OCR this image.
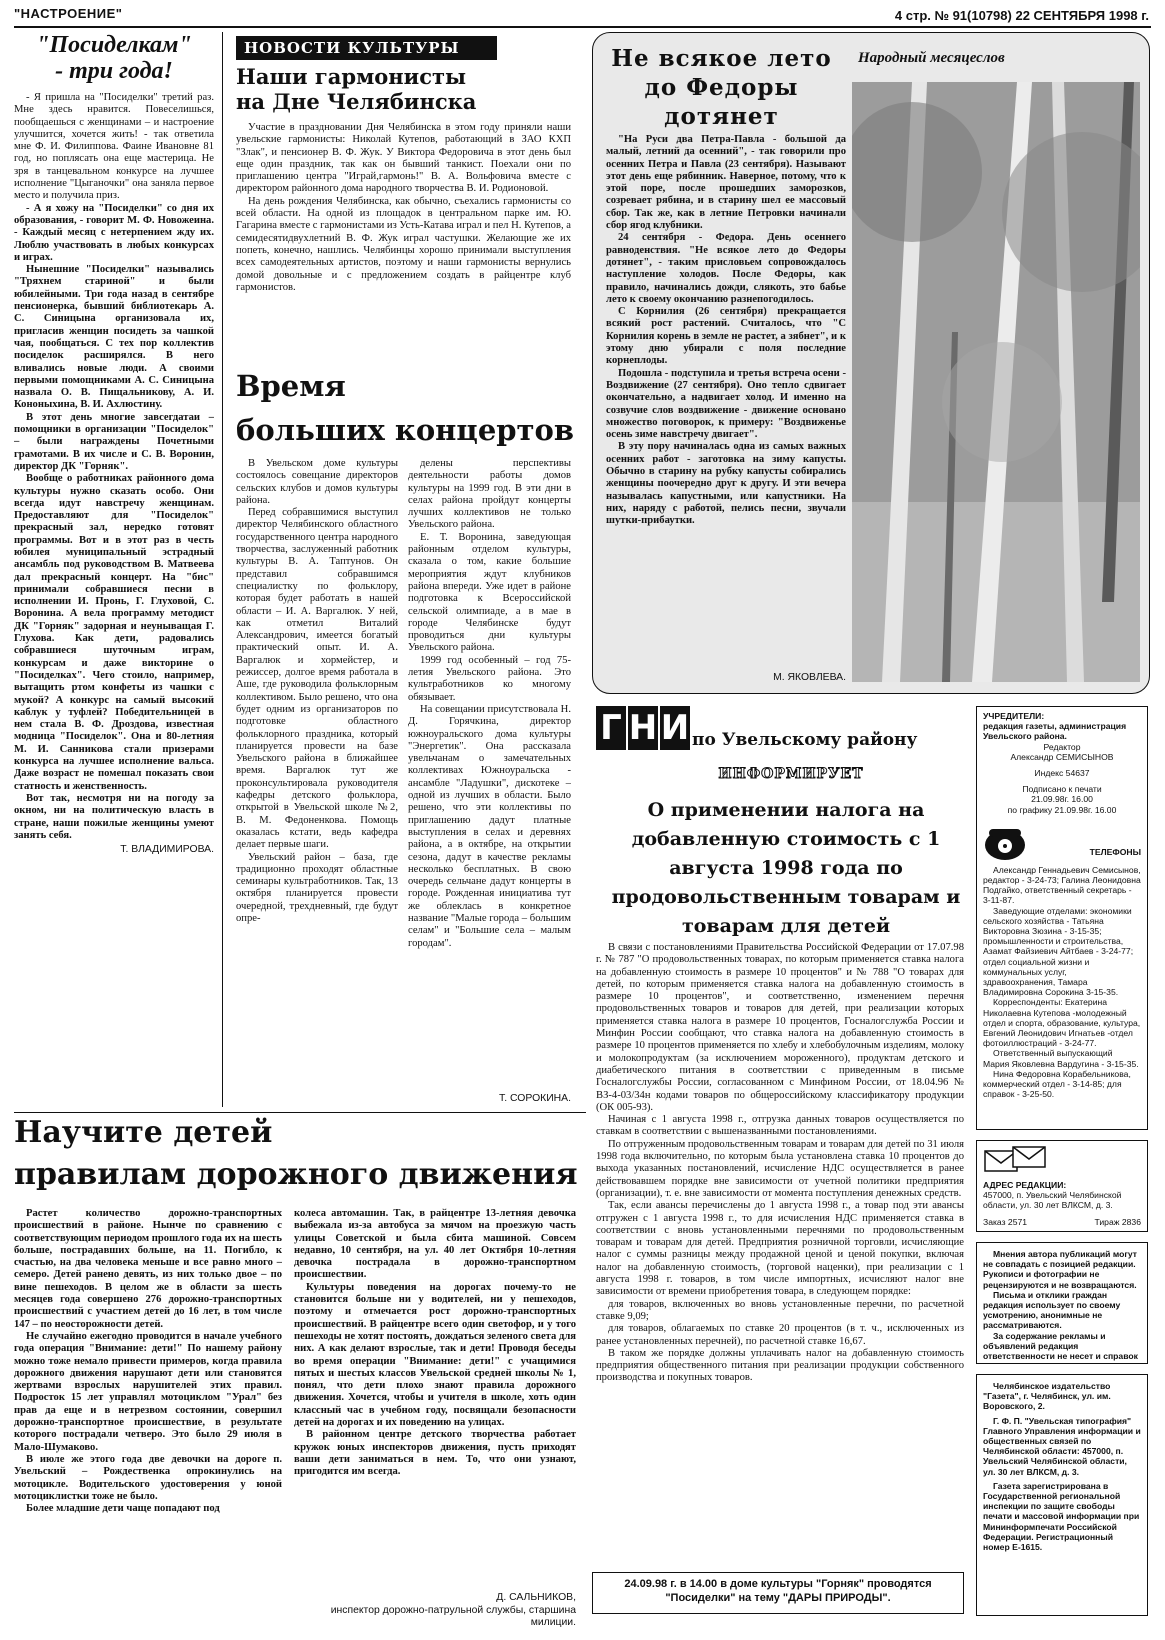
"НАСТРОЕНИЕ"	4 стр. № 91(10798) 22 СЕНТЯБРЯ 1998 г.
"Посиделкам"
- три года!

- Я пришла на "Посиделки" третий раз. Мне здесь нравится. Повеселишься, пообщаешься с женщинами – и настроение улучшится, хочется жить! - так ответила мне Ф. И. Филиппова. Фаине Ивановне 81 год, но поплясать она еще мастерица. Не зря в танцевальном конкурсе на лучшее исполнение "Цыганочки" она заняла первое место и получила приз.

- А я хожу на "Посиделки" со дня их образования, - говорит М. Ф. Новожеина. - Каждый месяц с нетерпением жду их. Люблю участвовать в любых конкурсах и играх.

Нынешние "Посиделки" назывались "Тряхнем стариной" и были юбилейными. Три года назад в сентябре пенсионерка, бывший библиотекарь А. С. Синицына организовала их, пригласив женщин посидеть за чашкой чая, пообщаться. С тех пор коллектив посиделок расширялся. В него вливались новые люди. А своими первыми помощниками А. С. Синицына назвала О. В. Пищальникову, А. И. Кононыхина, В. И. Ахлюстину.

В этот день многие завсегдатаи – помощники в организации "Посиделок" – были награждены Почетными грамотами. В их числе и С. В. Воронин, директор ДК "Горняк".

Вообще о работниках районного дома культуры нужно сказать особо. Они всегда идут навстречу женщинам. Предоставляют для "Посиделок" прекрасный зал, нередко готовят программы. Вот и в этот раз в честь юбилея муниципальный эстрадный ансамбль под руководством В. Матвеева дал прекрасный концерт. На "бис" принимали собравшиеся песни в исполнении И. Пронь, Г. Глуховой, С. Воронина. А вела программу методист ДК "Горняк" задорная и неуныващая Г. Глухова. Как дети, радовались собравшиеся шуточным играм, конкурсам и даже викторине о "Посиделках". Чего стоило, например, вытащить ртом конфеты из чашки с мукой? А конкурс на самый высокий каблук у туфлей? Победительницей в нем стала В. Ф. Дроздова, известная модница "Посиделок". Она и 80-летняя М. И. Санникова стали призерами конкурса на лучшее исполнение вальса. Даже возраст не помешал показать свои статность и женственность.

Вот так, несмотря ни на погоду за окном, ни на политическую власть в стране, наши пожилые женщины умеют занять себя.

Т. ВЛАДИМИРОВА.
НОВОСТИ КУЛЬТУРЫ
Наши гармонисты на Дне Челябинска

Участие в праздновании Дня Челябинска в этом году приняли наши увельские гармонисты: Николай Кутепов, работающий в ЗАО КХП "Злак", и пенсионер В. Ф. Жук. У Виктора Федоровича в этот день был еще один праздник, так как он бывший танкист. Поехали они по приглашению центра "Играй,гармонь!" В. А. Вольфовича вместе с директором районного дома народного творчества В. И. Родионовой.

На день рождения Челябинска, как обычно, съехались гармонисты со всей области. На одной из площадок в центральном парке им. Ю. Гагарина вместе с гармонистами из Усть-Катава играл и пел Н. Кутепов, а семидесятидвухлетний В. Ф. Жук играл частушки. Желающие же их попеть, конечно, нашлись. Челябинцы хорошо принимали выступления всех самодеятельных артистов, поэтому и наши гармонисты вернулись домой довольные и с предложением создать в райцентре клуб гармонистов.

Время
больших концертов

В Увельском доме культуры состоялось совещание директоров сельских клубов и домов культуры района.

Перед собравшимися выступил директор Челябинского областного государственного центра народного творчества, заслуженный работник культуры В. А. Таптунов. Он представил собравшимся специалистку по фольклору, которая будет работать в нашей области – И. А. Варгалюк. У ней, как отметил Виталий Александрович, имеется богатый практический опыт. И. А. Варгалюк и хормейстер, и режиссер, долгое время работала в Аше, где руководила фольклорным коллективом. Было решено, что она будет одним из организаторов по подготовке областного фольклорного праздника, который планируется провести на базе Увельского района в ближайшее время. Варгалюк тут же проконсультировала руководителя кафедры детского фольклора, открытой в Увельской школе №2, В. М. Федоненкова. Помощь оказалась кстати, ведь кафедра делает первые шаги.

Увельский район – база, где традиционно проходят областные семинары культработников. Так, 13 октября планируется провести очередной, трехдневный, где будут опре-

делены перспективы деятельности работы домов культуры на 1999 год. В эти дни в селах района пройдут концерты лучших коллективов не только Увельского района.

Е. Т. Воронина, заведующая районным отделом культуры, сказала о том, какие большие мероприятия ждут клубников района впереди. Уже идет в районе подготовка к Всероссийской сельской олимпиаде, а в мае в городе Челябинске будут проводиться дни культуры Увельского района.

1999 год особенный – год 75-летия Увельского района. Это культработников ко многому обязывает.

На совещании присутствовала Н. Д. Горячкина, директор южноуральского дома культуры "Энергетик". Она рассказала увельчанам о замечательных коллективах Южноуральска - ансамбле "Ладушки", дискотеке – одной из лучших в области. Было решено, что эти коллективы по приглашению дадут платные выступления в селах и деревнях района, а в октябре, на открытии сезона, дадут в качестве рекламы несколько бесплатных. В свою очередь сельчане дадут концерты в городе. Рожденная инициатива тут же облеклась в конкретное название "Малые города – большим селам" и "Большие села – малым городам".

Т. СОРОКИНА.
Научите детей
правилам дорожного движения

Растет количество дорожно-транспортных происшествий в районе. Нынче по сравнению с соответствующим периодом прошлого года их на шесть больше, пострадавших больше, на 11. Погибло, к счастью, на два человека меньше и все равно много – семеро. Детей ранено девять, из них только двое – по вине пешеходов. В целом же в области за шесть месяцев года совершено 276 дорожно-транспортных происшествий с участием детей до 16 лет, в том числе 147 – по неосторожности детей.

Не случайно ежегодно проводится в начале учебного года операция "Внимание: дети!" По нашему району можно тоже немало привести примеров, когда правила дорожного движения нарушают дети или становятся жертвами взрослых нарушителей этих правил. Подросток 15 лет управлял мотоциклом "Урал" без прав да еще и в нетрезвом состоянии, совершил дорожно-транспортное происшествие, в результате которого пострадали четверо. Это было 29 июля в Мало-Шумаково.

В июле же этого года две девочки на дороге п. Увельский – Рождественка опрокинулись на мотоцикле. Водительского удостоверения у юной мотоциклистки тоже не было.

Более младшие дети чаще попадают под

колеса автомашин. Так, в райцентре 13-летняя девочка выбежала из-за автобуса за мячом на проезжую часть улицы Советской и была сбита машиной. Совсем недавно, 10 сентября, на ул. 40 лет Октября 10-летняя девочка пострадала в дорожно-транспортном происшествии.

Культуры поведения на дорогах почему-то не становится больше ни у водителей, ни у пешеходов, поэтому и отмечается рост дорожно-транспортных происшествий. В райцентре всего один светофор, и у того пешеходы не хотят постоять, дождаться зеленого света для них. А как делают взрослые, так и дети! Проводя беседы во время операции "Внимание: дети!" с учащимися пятых и шестых классов Увельской средней школы № 1, понял, что дети плохо знают правила дорожного движения. Хочется, чтобы и учителя в школе, хоть один классный час в учебном году, посвящали безопасности детей на дорогах и их поведению на улицах.

В районном центре детского творчества работает кружок юных инспекторов движения, пусть приходят ваши дети заниматься в нем. То, что они узнают, пригодится им всегда.

Д. САЛЬНИКОВ,
инспектор дорожно-патрульной службы, старшина милиции.
Не всякое лето до Федоры дотянет
Народный месяцеслов

"На Руси два Петра-Павла - большой да малый, летний да осенний", - так говорили про осенних Петра и Павла (23 сентября). Называют этот день еще рябинник. Наверное, потому, что к этой поре, после прошедших заморозков, созревает рябина, и в старину шел ее массовый сбор. Так же, как в летние Петровки начинали сбор ягод клубники.

24 сентября - Федора. День осеннего равноденствия. "Не всякое лето до Федоры дотянет", - таким присловьем сопровождалось наступление холодов. После Федоры, как правило, начинались дожди, слякоть, это бабье лето к своему окончанию разнепогодилось.

С Корнилия (26 сентября) прекращается всякий рост растений. Считалось, что "С Корнилия корень в земле не растет, а зябнет", и к этому дню убирали с поля последние корнеплоды.

Подошла - подступила и третья встреча осени - Воздвижение (27 сентября). Оно тепло сдвигает окончательно, а надвигает холод. И именно на созвучие слов воздвижение - движение основано множество поговорок, к примеру: "Воздвиженье осень зиме навстречу двигает".

В эту пору начиналась одна из самых важных осенних работ - заготовка на зиму капусты. Обычно в старину на рубку капусты собирались женщины поочередно друг к другу. И эти вечера называлась капустными, или капустники. На них, наряду с работой, пелись песни, звучали шутки-прибаутки.

М. ЯКОВЛЕВА.
Г Н И по Увельскому району
ИНФОРМИРУЕТ
О применении налога на добавленную стоимость с 1 августа 1998 года по продовольственным товарам и товарам для детей

В связи с постановлениями Правительства Российской Федерации от 17.07.98 г. № 787 "О продовольственных товарах, по которым применяется ставка налога на добавленную стоимость в размере 10 процентов" и № 788 "О товарах для детей, по которым применяется ставка налога на добавленную стоимость в размере 10 процентов", и соответственно, изменением перечня продовольственных товаров и товаров для детей, при реализации которых применяется ставка налога в размере 10 процентов, Госналогслужба России и Минфин России сообщают, что ставка налога на добавленную стоимость в размере 10 процентов применяется по хлебу и хлебобулочным изделиям, молоку и молокопродуктам (за исключением мороженного), продуктам детского и диабетического питания в соответствии с приведенным в письме Госналогслужбы России, согласованном с Минфином России, от 18.04.96 № ВЗ-4-03/34н кодами товаров по общероссийскому классификатору продукции (ОК 005-93).

Начиная с 1 августа 1998 г., отгрузка данных товаров осуществляется по ставкам в соответствии с вышеназванными постановлениями.

По отгруженным продовольственным товарам и товарам для детей по 31 июля 1998 года включительно, по которым была установлена ставка 10 процентов до выхода указанных постановлений, исчисление НДС осуществляется в ранее действовавшем порядке вне зависимости от учетной политики предприятия (организации), т. е. вне зависимости от момента поступления денежных средств.

Так, если авансы перечислены до 1 августа 1998 г., а товар под эти авансы отгружен с 1 августа 1998 г., то для исчисления НДС применяется ставка в соответствии с вновь установленными перечнями по продовольственным товарам и товарам для детей. Предприятия розничной торговли, исчисляющие налог с суммы разницы между продажной ценой и ценой покупки, включая налог на добавленную стоимость, (торговой наценки), при реализации с 1 августа 1998 г. товаров, в том числе импортных, исчисляют налог вне зависимости от времени приобретения товара, в следующем порядке:

для товаров, включенных во вновь установленные перечни, по расчетной ставке 9,09;

для товаров, облагаемых по ставке 20 процентов (в т. ч., исключенных из ранее установленных перечней), по расчетной ставке 16,67.

В таком же порядке должны уплачивать налог на добавленную стоимость предприятия общественного питания при реализации продукции собственного производства и покупных товаров.

24.09.98 г. в 14.00 в доме культуры "Горняк" проводятся "Посиделки" на тему "ДАРЫ ПРИРОДЫ".

УЧРЕДИТЕЛИ:

редакция газеты, администрация Увельского района.

Редактор

Александр СЕМИСЫНОВ

Индекс 54637

Подписано к печати

21.09.98г. 16.00

по графику 21.09.98г. 16.00

ТЕЛЕФОНЫ

Александр Геннадьевич Семисынов, редактор - 3-24-73; Галина Леонидовна Подгайко, ответственный секретарь - 3-11-87.

Заведующие отделами: экономики сельского хозяйства - Татьяна Викторовна Зюзина - 3-15-35; промышленности и строительства, Азамат Файзиевич Айтбаев - 3-24-77; отдел социальной жизни и коммунальных услуг, здравоохранения, Тамара Владимировна Сорокина 3-15-35.

Корреспонденты: Екатерина Николаевна Кутепова -молодежный отдел и спорта, образование, культура, Евгений Леонидович Игнатьев -отдел фотоиллюстраций - 3-24-77.

Ответственный выпускающий Мария Яковлевна Вардугина - 3-15-35.

Нина Федоровна Корабельникова, коммерческий отдел - 3-14-85; для справок - 3-25-50.

АДРЕС РЕДАКЦИИ:

457000, п. Увельский Челябинской области, ул. 30 лет ВЛКСМ, д. 3.

Заказ 2571	Тираж 2836

Мнения автора публикаций могут не совпадать с позицией редакции. Рукописи и фотографии не рецензируются и не возвращаются.

Письма и отклики граждан редакция использует по своему усмотрению, анонимные не рассматриваются.

За содержание рекламы и объявлений редакция ответственности не несет и справок

Челябинское издательство "Газета", г. Челябинск, ул. им. Воровского, 2.

Г. Ф. П. "Увельская типография" Главного Управления информации и общественных связей по Челябинской области: 457000, п. Увельский Челябинской области, ул. 30 лет ВЛКСМ, д. 3.

Газета зарегистрирована в Государственной региональной инспекции по защите свободы печати и массовой информации при Мининформпечати Российской Федерации. Регистрационный номер Е-1615.
